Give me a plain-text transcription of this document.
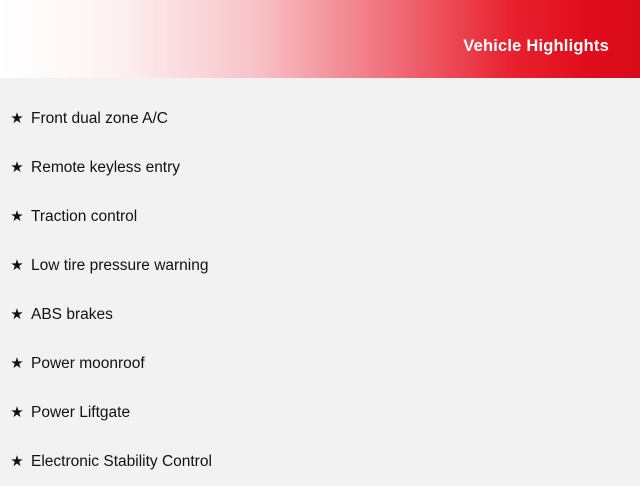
Vehicle Highlights
★ Front dual zone A/C
★ Remote keyless entry
★ Traction control
★ Low tire pressure warning
★ ABS brakes
★ Power moonroof
★ Power Liftgate
★ Electronic Stability Control
